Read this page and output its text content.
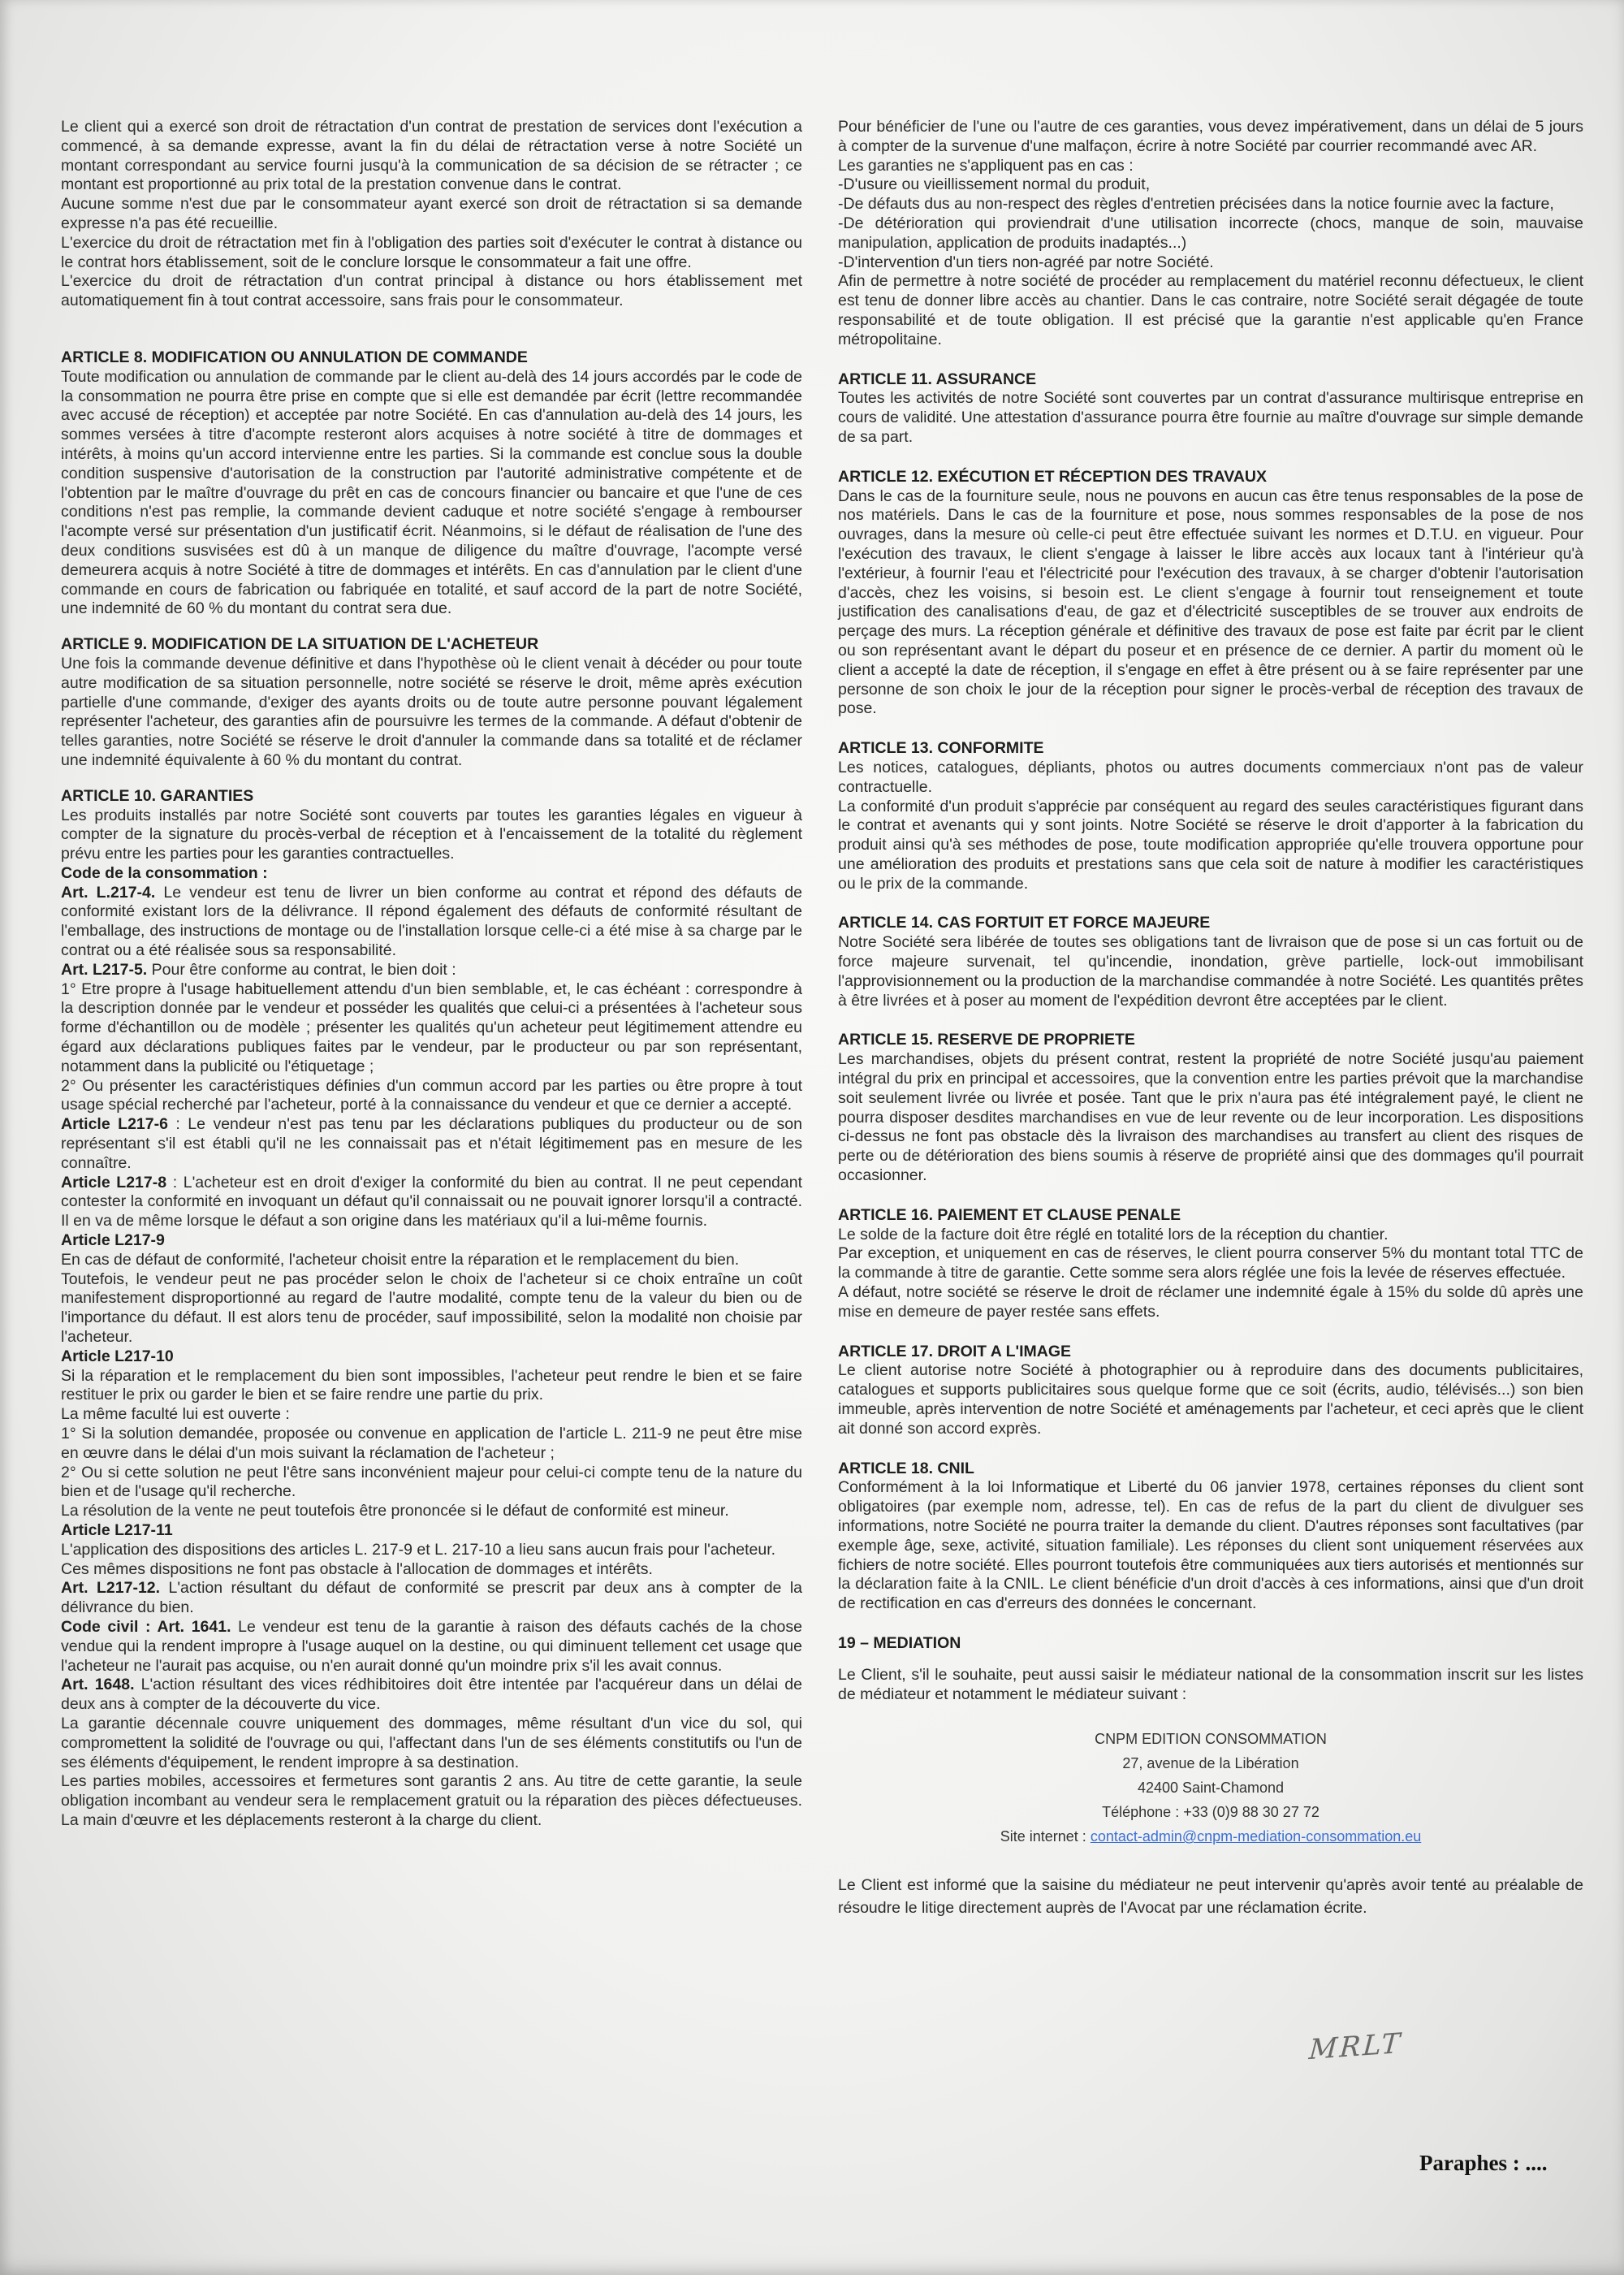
Le client qui a exercé son droit de rétractation d'un contrat de prestation de services dont l'exécution a commencé, à sa demande expresse, avant la fin du délai de rétractation verse à notre Société un montant correspondant au service fourni jusqu'à la communication de sa décision de se rétracter ; ce montant est proportionné au prix total de la prestation convenue dans le contrat.

Aucune somme n'est due par le consommateur ayant exercé son droit de rétractation si sa demande expresse n'a pas été recueillie.

L'exercice du droit de rétractation met fin à l'obligation des parties soit d'exécuter le contrat à distance ou le contrat hors établissement, soit de le conclure lorsque le consommateur a fait une offre.

L'exercice du droit de rétractation d'un contrat principal à distance ou hors établissement met automatiquement fin à tout contrat accessoire, sans frais pour le consommateur.

ARTICLE 8. MODIFICATION OU ANNULATION DE COMMANDE

Toute modification ou annulation de commande par le client au-delà des 14 jours accordés par le code de la consommation ne pourra être prise en compte que si elle est demandée par écrit (lettre recommandée avec accusé de réception) et acceptée par notre Société. En cas d'annulation au-delà des 14 jours, les sommes versées à titre d'acompte resteront alors acquises à notre société à titre de dommages et intérêts, à moins qu'un accord intervienne entre les parties. Si la commande est conclue sous la double condition suspensive d'autorisation de la construction par l'autorité administrative compétente et de l'obtention par le maître d'ouvrage du prêt en cas de concours financier ou bancaire et que l'une de ces conditions n'est pas remplie, la commande devient caduque et notre société s'engage à rembourser l'acompte versé sur présentation d'un justificatif écrit. Néanmoins, si le défaut de réalisation de l'une des deux conditions susvisées est dû à un manque de diligence du maître d'ouvrage, l'acompte versé demeurera acquis à notre Société à titre de dommages et intérêts. En cas d'annulation par le client d'une commande en cours de fabrication ou fabriquée en totalité, et sauf accord de la part de notre Société, une indemnité de 60 % du montant du contrat sera due.

ARTICLE 9. MODIFICATION DE LA SITUATION DE L'ACHETEUR

Une fois la commande devenue définitive et dans l'hypothèse où le client venait à décéder ou pour toute autre modification de sa situation personnelle, notre société se réserve le droit, même après exécution partielle d'une commande, d'exiger des ayants droits ou de toute autre personne pouvant légalement représenter l'acheteur, des garanties afin de poursuivre les termes de la commande. A défaut d'obtenir de telles garanties, notre Société se réserve le droit d'annuler la commande dans sa totalité et de réclamer une indemnité équivalente à 60 % du montant du contrat.

ARTICLE 10. GARANTIES

Les produits installés par notre Société sont couverts par toutes les garanties légales en vigueur à compter de la signature du procès-verbal de réception et à l'encaissement de la totalité du règlement prévu entre les parties pour les garanties contractuelles.

Code de la consommation :

Art. L.217-4. Le vendeur est tenu de livrer un bien conforme au contrat et répond des défauts de conformité existant lors de la délivrance. Il répond également des défauts de conformité résultant de l'emballage, des instructions de montage ou de l'installation lorsque celle-ci a été mise à sa charge par le contrat ou a été réalisée sous sa responsabilité.

Art. L217-5. Pour être conforme au contrat, le bien doit :

1° Etre propre à l'usage habituellement attendu d'un bien semblable, et, le cas échéant : correspondre à la description donnée par le vendeur et posséder les qualités que celui-ci a présentées à l'acheteur sous forme d'échantillon ou de modèle ; présenter les qualités qu'un acheteur peut légitimement attendre eu égard aux déclarations publiques faites par le vendeur, par le producteur ou par son représentant, notamment dans la publicité ou l'étiquetage ;

2° Ou présenter les caractéristiques définies d'un commun accord par les parties ou être propre à tout usage spécial recherché par l'acheteur, porté à la connaissance du vendeur et que ce dernier a accepté.

Article L217-6 : Le vendeur n'est pas tenu par les déclarations publiques du producteur ou de son représentant s'il est établi qu'il ne les connaissait pas et n'était légitimement pas en mesure de les connaître.

Article L217-8 : L'acheteur est en droit d'exiger la conformité du bien au contrat. Il ne peut cependant contester la conformité en invoquant un défaut qu'il connaissait ou ne pouvait ignorer lorsqu'il a contracté. Il en va de même lorsque le défaut a son origine dans les matériaux qu'il a lui-même fournis.

Article L217-9

En cas de défaut de conformité, l'acheteur choisit entre la réparation et le remplacement du bien.

Toutefois, le vendeur peut ne pas procéder selon le choix de l'acheteur si ce choix entraîne un coût manifestement disproportionné au regard de l'autre modalité, compte tenu de la valeur du bien ou de l'importance du défaut. Il est alors tenu de procéder, sauf impossibilité, selon la modalité non choisie par l'acheteur.

Article L217-10

Si la réparation et le remplacement du bien sont impossibles, l'acheteur peut rendre le bien et se faire restituer le prix ou garder le bien et se faire rendre une partie du prix.

La même faculté lui est ouverte :

1° Si la solution demandée, proposée ou convenue en application de l'article L. 211-9 ne peut être mise en œuvre dans le délai d'un mois suivant la réclamation de l'acheteur ;

2° Ou si cette solution ne peut l'être sans inconvénient majeur pour celui-ci compte tenu de la nature du bien et de l'usage qu'il recherche.

La résolution de la vente ne peut toutefois être prononcée si le défaut de conformité est mineur.

Article L217-11

L'application des dispositions des articles L. 217-9 et L. 217-10 a lieu sans aucun frais pour l'acheteur.

Ces mêmes dispositions ne font pas obstacle à l'allocation de dommages et intérêts.

Art. L217-12. L'action résultant du défaut de conformité se prescrit par deux ans à compter de la délivrance du bien.

Code civil : Art. 1641. Le vendeur est tenu de la garantie à raison des défauts cachés de la chose vendue qui la rendent impropre à l'usage auquel on la destine, ou qui diminuent tellement cet usage que l'acheteur ne l'aurait pas acquise, ou n'en aurait donné qu'un moindre prix s'il les avait connus.

Art. 1648. L'action résultant des vices rédhibitoires doit être intentée par l'acquéreur dans un délai de deux ans à compter de la découverte du vice.

La garantie décennale couvre uniquement des dommages, même résultant d'un vice du sol, qui compromettent la solidité de l'ouvrage ou qui, l'affectant dans l'un de ses éléments constitutifs ou l'un de ses éléments d'équipement, le rendent impropre à sa destination.

Les parties mobiles, accessoires et fermetures sont garantis 2 ans. Au titre de cette garantie, la seule obligation incombant au vendeur sera le remplacement gratuit ou la réparation des pièces défectueuses. La main d'œuvre et les déplacements resteront à la charge du client.

Pour bénéficier de l'une ou l'autre de ces garanties, vous devez impérativement, dans un délai de 5 jours à compter de la survenue d'une malfaçon, écrire à notre Société par courrier recommandé avec AR.

Les garanties ne s'appliquent pas en cas :

-D'usure ou vieillissement normal du produit,

-De défauts dus au non-respect des règles d'entretien précisées dans la notice fournie avec la facture,

-De détérioration qui proviendrait d'une utilisation incorrecte (chocs, manque de soin, mauvaise manipulation, application de produits inadaptés...)

-D'intervention d'un tiers non-agréé par notre Société.

Afin de permettre à notre société de procéder au remplacement du matériel reconnu défectueux, le client est tenu de donner libre accès au chantier. Dans le cas contraire, notre Société serait dégagée de toute responsabilité et de toute obligation. Il est précisé que la garantie n'est applicable qu'en France métropolitaine.

ARTICLE 11. ASSURANCE

Toutes les activités de notre Société sont couvertes par un contrat d'assurance multirisque entreprise en cours de validité. Une attestation d'assurance pourra être fournie au maître d'ouvrage sur simple demande de sa part.

ARTICLE 12. EXÉCUTION ET RÉCEPTION DES TRAVAUX

Dans le cas de la fourniture seule, nous ne pouvons en aucun cas être tenus responsables de la pose de nos matériels. Dans le cas de la fourniture et pose, nous sommes responsables de la pose de nos ouvrages, dans la mesure où celle-ci peut être effectuée suivant les normes et D.T.U. en vigueur. Pour l'exécution des travaux, le client s'engage à laisser le libre accès aux locaux tant à l'intérieur qu'à l'extérieur, à fournir l'eau et l'électricité pour l'exécution des travaux, à se charger d'obtenir l'autorisation d'accès, chez les voisins, si besoin est. Le client s'engage à fournir tout renseignement et toute justification des canalisations d'eau, de gaz et d'électricité susceptibles de se trouver aux endroits de perçage des murs. La réception générale et définitive des travaux de pose est faite par écrit par le client ou son représentant avant le départ du poseur et en présence de ce dernier. A partir du moment où le client a accepté la date de réception, il s'engage en effet à être présent ou à se faire représenter par une personne de son choix le jour de la réception pour signer le procès-verbal de réception des travaux de pose.

ARTICLE 13. CONFORMITE

Les notices, catalogues, dépliants, photos ou autres documents commerciaux n'ont pas de valeur contractuelle.

La conformité d'un produit s'apprécie par conséquent au regard des seules caractéristiques figurant dans le contrat et avenants qui y sont joints. Notre Société se réserve le droit d'apporter à la fabrication du produit ainsi qu'à ses méthodes de pose, toute modification appropriée qu'elle trouvera opportune pour une amélioration des produits et prestations sans que cela soit de nature à modifier les caractéristiques ou le prix de la commande.

ARTICLE 14. CAS FORTUIT ET FORCE MAJEURE

Notre Société sera libérée de toutes ses obligations tant de livraison que de pose si un cas fortuit ou de force majeure survenait, tel qu'incendie, inondation, grève partielle, lock-out immobilisant l'approvisionnement ou la production de la marchandise commandée à notre Société. Les quantités prêtes à être livrées et à poser au moment de l'expédition devront être acceptées par le client.

ARTICLE 15. RESERVE DE PROPRIETE

Les marchandises, objets du présent contrat, restent la propriété de notre Société jusqu'au paiement intégral du prix en principal et accessoires, que la convention entre les parties prévoit que la marchandise soit seulement livrée ou livrée et posée. Tant que le prix n'aura pas été intégralement payé, le client ne pourra disposer desdites marchandises en vue de leur revente ou de leur incorporation. Les dispositions ci-dessus ne font pas obstacle dès la livraison des marchandises au transfert au client des risques de perte ou de détérioration des biens soumis à réserve de propriété ainsi que des dommages qu'il pourrait occasionner.

ARTICLE 16. PAIEMENT ET CLAUSE PENALE

Le solde de la facture doit être réglé en totalité lors de la réception du chantier.

Par exception, et uniquement en cas de réserves, le client pourra conserver 5% du montant total TTC de la commande à titre de garantie. Cette somme sera alors réglée une fois la levée de réserves effectuée.

A défaut, notre société se réserve le droit de réclamer une indemnité égale à 15% du solde dû après une mise en demeure de payer restée sans effets.

ARTICLE 17. DROIT A L'IMAGE

Le client autorise notre Société à photographier ou à reproduire dans des documents publicitaires, catalogues et supports publicitaires sous quelque forme que ce soit (écrits, audio, télévisés...) son bien immeuble, après intervention de notre Société et aménagements par l'acheteur, et ceci après que le client ait donné son accord exprès.

ARTICLE 18. CNIL

Conformément à la loi Informatique et Liberté du 06 janvier 1978, certaines réponses du client sont obligatoires (par exemple nom, adresse, tel). En cas de refus de la part du client de divulguer ses informations, notre Société ne pourra traiter la demande du client. D'autres réponses sont facultatives (par exemple âge, sexe, activité, situation familiale). Les réponses du client sont uniquement réservées aux fichiers de notre société. Elles pourront toutefois être communiquées aux tiers autorisés et mentionnés sur la déclaration faite à la CNIL. Le client bénéficie d'un droit d'accès à ces informations, ainsi que d'un droit de rectification en cas d'erreurs des données le concernant.

19 – MEDIATION

Le Client, s'il le souhaite, peut aussi saisir le médiateur national de la consommation inscrit sur les listes de médiateur et notamment le médiateur suivant :

CNPM EDITION CONSOMMATION
27, avenue de la Libération
42400 Saint-Chamond
Téléphone : +33 (0)9 88 30 27 72
Site internet : contact-admin@cnpm-mediation-consommation.eu

Le Client est informé que la saisine du médiateur ne peut intervenir qu'après avoir tenté au préalable de résoudre le litige directement auprès de l'Avocat par une réclamation écrite.

MRLT
Paraphes : ....
